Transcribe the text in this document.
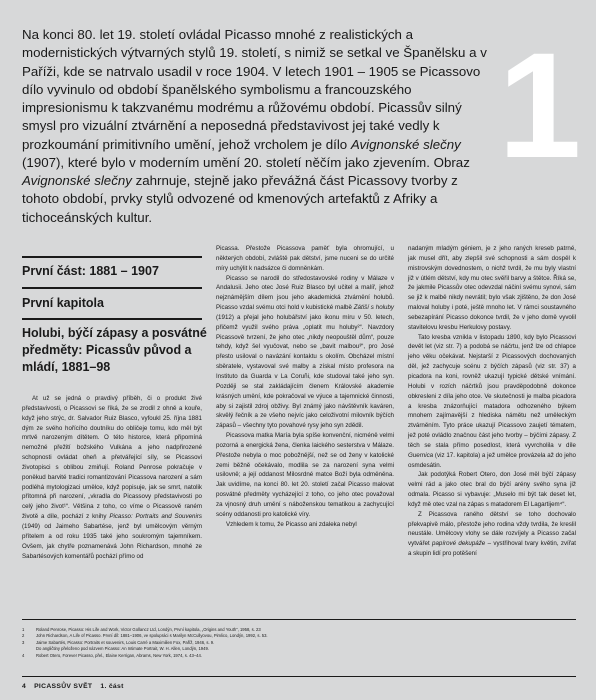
Na konci 80. let 19. století ovládal Picasso mnohé z realistických a modernistických výtvarných stylů 19. století, s nimiž se setkal ve Španělsku a v Paříži, kde se natrvalo usadil v roce 1904. V letech 1901 – 1905 se Picassovo dílo vyvinulo od období španělského symbolismu a francouzského impresionismu k takzvanému modrému a růžovému období. Picassův silný smysl pro vizuální ztvárnění a neposedná představivost jej také vedly k prozkoumání primitivního umění, jehož vrcholem je dílo Avignonské slečny (1907), které bylo v moderním umění 20. století něčím jako zjevením. Obraz Avignonské slečny zahrnuje, stejně jako převážná část Picassovy tvorby z tohoto období, prvky stylů odvozené od kmenových artefaktů z Afriky a tichoceánských kultur.

1
První část: 1881 – 1907
První kapitola
Holubi, býčí zápasy a posvátné předměty: Picassův původ a mládí, 1881–98

At už se jedná o pravdivý příběh, či o produkt živé představivosti, o Picassovi se říká, že se zrodil z ohně a kouře, když jeho strýc, dr. Salvador Ruiz Blasco, vyfoukl 25. října 1881 dým ze svého hořícího doutníku do obličeje tomu, kdo měl být mrtvě narozeným dítětem. O této historce, která připomíná nemožné přežití božského Vulkána a jeho nadpřirozené schopnosti ovládat oheň a přetvářející síly, se Picassovi životopisci s oblibou zmiňují. Roland Penrose pokračuje v poněkud barvité tradici romantizování Picassova narození a sám podléhá mytologizaci umělce, když popisuje, jak se smrt, natolik přítomná při narození, „vkradla do Picassovy představivosti po celý jeho život¹“. Většina z toho, co víme o Picassově raném životě a díle, pochází z knihy Picasso: Portraits and Souvenirs (1949) od Jaimeho Sabartése, jenž byl umělcovým věrným přítelem a od roku 1935 také jeho soukromým tajemníkem. Ovšem, jak chytře poznamenává John Richardson, mnohé ze Sabartésových komentářů pochází přímo od

Picassa. Přestože Picassova paměť byla ohromující, u některých období, zvláště pak dětství, jsme nuceni se do určité míry uchýlit k nadsázce či domněnkám.

Picasso se narodil do středostavovské rodiny v Málaze v Andalusii. Jeho otec José Ruiz Blasco byl učitel a malíř, jehož nejznámějším dílem jsou jeho akademická ztvárnění holubů. Picasso vzdal svému otci hold v kubistické malbě Zátiší s holuby (1912) a přejal jeho holubářství jako ikonu míru v 50. letech, přičemž využil svého práva „oplatit mu holuby²“. Navzdory Picassově tvrzení, že jeho otec „nikdy neopouštěl dům“, pouze tehdy, když šel vyučovat, nebo se „bavit malbou³“, pro José přesto usiloval o navázání kontaktu s okolím. Obcházel místní sběratele, vystavoval své malby a získal místo profesora na Instituto da Guarda v La Coruñi, kde studoval také jeho syn. Později se stal zakládajícím členem Královské akademie krásných umění, kde pokračoval ve výuce a tajemnické činnosti, aby si zajistil zdroj obživy. Byl známý jako návštěvník kaváren, skvělý řečník a ze všeho nejvíc jako celoživotní milovník býčích zápasů – všechny tyto povahové rysy jeho syn zdědil.

Picassova matka María byla spíše konvenční, nicméně velmi pozorná a energická žena, členka laického sesterstva v Málaze. Přestože nebyla o moc pobožnější, než se od ženy v katolické zemi běžně očekávalo, modlila se za narození syna velmi usilovně; a její oddanost Milosrdné matce Boží byla odměněna. Jak uvidíme, na konci 80. let 20. století začal Picasso malovat posvátné předměty vycházející z toho, co jeho otec považoval za vjnosný druh umění s náboženskou tematikou a zachycující scény oddanosti pro katolické víry.

Vzhledem k tomu, že Picasso ani zdaleka nebyl

nadaným mladým géniem, je z jeho raných kreseb patrné, jak musel dřít, aby zlepšil své schopnosti a sám dospěl k mistrovským dovednostem, o nichž tvrdil, že mu byly vlastní již v útlém dětství, kdy mu otec svěřil barvy a štětce. Říká se, že jakmile Picassův otec odevzdal náčiní svému synovi, sám se již k malbě nikdy nevrátil; bylo však zjištěno, že don José maloval holuby i poté, ještě mnoho let. V rámci soustavného sebezapírání Picasso dokonce tvrdil, že v jeho domě vyvolil stavitelovu kresbu Herkulovy postavy.

Tato kresba vznikla v listopadu 1890, kdy bylo Picassovi devět let (viz str. 7) a podobá se náčrtu, jenž lze od chlapce jeho věku očekávat. Nejstarší z Picassových dochovaných děl, jež zachycuje scénu z býčích zápasů (viz str. 37) a picadora na koni, rovněž ukazují typické dětské vnímání. Holubi v rozích náčrtků jsou pravděpodobně dokonce obkresleni z díla jeho otce. Ve skutečnosti je malba picadora a kresba znázorňující matadora odhozeného býkem mnohem zajímavější z hlediska námětu než uměleckým ztvárněním. Tyto práce ukazují Picassovo zaujetí tématem, jež poté ovládlo značnou část jeho tvorby – býčími zápasy. Z těch se stala přímo posedlost, která vyvrcholila v díle Guernica (viz 17. kapitola) a jež umělce provázela až do jeho osmdesátin.

Jak podotýká Robert Otero, don José měl býčí zápasy velmi rád a jako otec bral do býčí arény svého syna již odmala. Picasso si vybavuje: „Muselo mi být tak deset let, když mě otec vzal na zápas s matadorem El Lagartijem⁴“.

Z Picassova raného dětství se toho dochovalo překvapivě málo, přestože jeho rodina vždy tvrdila, že kreslil neustále. Umělcovy vlohy se dále rozvíjely a Picasso začal vytvářet papírové dekupáže – vystřihoval tvary květin, zvířat a skupin lidí pro potěšení

1	Roland Penrose, Picasso: His Life and Work, Victor Gollancz Ltd, Londýn, První kapitola, „Origins and Youth“, 1958, s. 23
2	John Richardson, A Life of Picasso. První díl: 1881–1906, ve spolupráci s Marilyn McCullyovou, Pimlico, Londýn, 1992, s. 53.
3	Jaime Sabartés, Picasso: Portraits et souvenirs, Louis Carré a Maximilien Fox, Paříž, 1946, s. 9.
Do angličtiny přeloženo pod názvem Picasso: An Intimate Portrait, W. H. Allen, Londýn, 1949.
4	Robert Otero, Forever Picasso, přel., Elaine Kerrigan, Abrams, New York, 1974, s. 43–44.
4 PICASSŮV SVĚT 1. část
